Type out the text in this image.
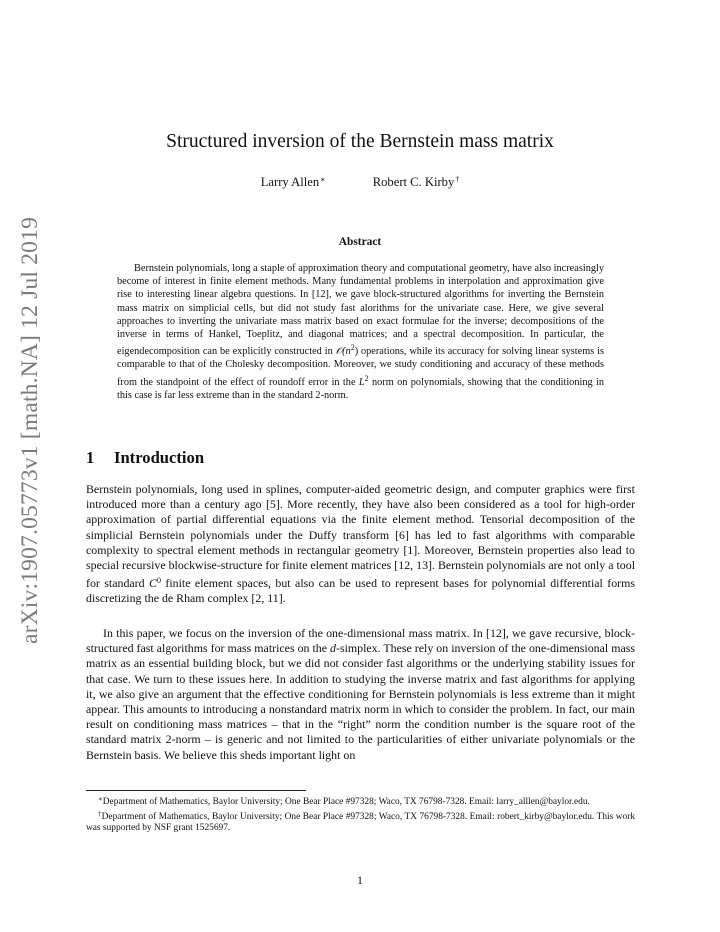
arXiv:1907.05773v1 [math.NA] 12 Jul 2019
Structured inversion of the Bernstein mass matrix
Larry Allen∗	Robert C. Kirby†
Abstract

Bernstein polynomials, long a staple of approximation theory and computational geometry, have also increasingly become of interest in finite element methods. Many fundamental problems in interpolation and approximation give rise to interesting linear algebra questions. In [12], we gave block-structured algorithms for inverting the Bernstein mass matrix on simplicial cells, but did not study fast alorithms for the univariate case. Here, we give several approaches to inverting the univariate mass matrix based on exact formulae for the inverse; decompositions of the inverse in terms of Hankel, Toeplitz, and diagonal matrices; and a spectral decomposition. In particular, the eigendecomposition can be explicitly constructed in $𝒪(n^2)$ operations, while its accuracy for solving linear systems is comparable to that of the Cholesky decomposition. Moreover, we study conditioning and accuracy of these methods from the standpoint of the effect of roundoff error in the $L^2$ norm on polynomials, showing that the conditioning in this case is far less extreme than in the standard 2-norm.

1 Introduction

Bernstein polynomials, long used in splines, computer-aided geometric design, and computer graphics were first introduced more than a century ago [5]. More recently, they have also been considered as a tool for high-order approximation of partial differential equations via the finite element method. Tensorial decomposition of the simplicial Bernstein polynomials under the Duffy transform [6] has led to fast algorithms with comparable complexity to spectral element methods in rectangular geometry [1]. Moreover, Bernstein properties also lead to special recursive blockwise-structure for finite element matrices [12, 13]. Bernstein polynomials are not only a tool for standard $C^0$ finite element spaces, but also can be used to represent bases for polynomial differential forms discretizing the de Rham complex [2, 11].

In this paper, we focus on the inversion of the one-dimensional mass matrix. In [12], we gave recursive, block-structured fast algorithms for mass matrices on the d-simplex. These rely on inversion of the one-dimensional mass matrix as an essential building block, but we did not consider fast algorithms or the underlying stability issues for that case. We turn to these issues here. In addition to studying the inverse matrix and fast algorithms for applying it, we also give an argument that the effective conditioning for Bernstein polynomials is less extreme than it might appear. This amounts to introducing a nonstandard matrix norm in which to consider the problem. In fact, our main result on conditioning mass matrices – that in the “right” norm the condition number is the square root of the standard matrix 2-norm – is generic and not limited to the particularities of either univariate polynomials or the Bernstein basis. We believe this sheds important light on

∗Department of Mathematics, Baylor University; One Bear Place #97328; Waco, TX 76798-7328. Email: larry_alllen@baylor.edu.

†Department of Mathematics, Baylor University; One Bear Place #97328; Waco, TX 76798-7328. Email: robert_kirby@baylor.edu. This work was supported by NSF grant 1525697.

1
